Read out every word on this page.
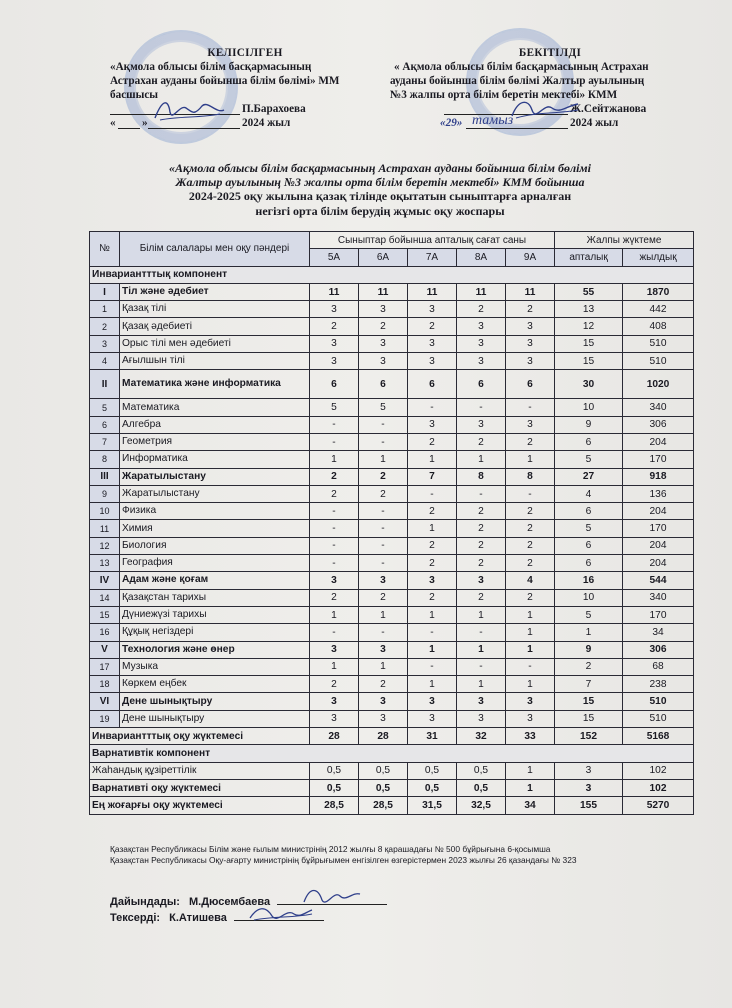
КЕЛІСІЛГЕН
«Ақмола облысы білім басқармасының
Астрахан ауданы бойынша білім бөлімі» ММ
басшысы
П.Барахоева
« »	2024 жыл
БЕКІТІЛДІ
« Ақмола облысы білім басқармасының Астрахан
ауданы бойынша білім бөлімі Жалтыр ауылының
№3 жалпы орта білім беретін мектебі» КММ
Ж.Сейтжанова
«29» тамыз	2024 жыл
«Ақмола облысы білім басқармасының Астрахан ауданы бойынша білім бөлімі
Жалтыр ауылының №3 жалпы орта білім беретін мектебі» КММ бойынша
2024-2025 оқу жылына қазақ тілінде оқытатын сыныптарға арналған
негізгі орта білім берудің жұмыс оқу жоспары
№	Білім салалары мен оқу пәндері	Сыныптар бойынша апталық сағат саны					Жалпы жүктеме	
		5А	6А	7А	8А	9А	апталық	жылдық
Инвариантттық компонент								
I	Тіл және әдебиет	11	11	11	11	11	55	1870
1	Қазақ тілі	3	3	3	2	2	13	442
2	Қазақ әдебиеті	2	2	2	3	3	12	408
3	Орыс тілі мен әдебиеті	3	3	3	3	3	15	510
4	Ағылшын тілі	3	3	3	3	3	15	510
II	Математика және информатика	6	6	6	6	6	30	1020
5	Математика	5	5	-	-	-	10	340
6	Алгебра	-	-	3	3	3	9	306
7	Геометрия	-	-	2	2	2	6	204
8	Информатика	1	1	1	1	1	5	170
III	Жаратылыстану	2	2	7	8	8	27	918
9	Жаратылыстану	2	2	-	-	-	4	136
10	Физика	-	-	2	2	2	6	204
11	Химия	-	-	1	2	2	5	170
12	Биология	-	-	2	2	2	6	204
13	География	-	-	2	2	2	6	204
IV	Адам және қоғам	3	3	3	3	4	16	544
14	Қазақстан тарихы	2	2	2	2	2	10	340
15	Дүниежүзі тарихы	1	1	1	1	1	5	170
16	Құқық негіздері	-	-	-	-	1	1	34
V	Технология және өнер	3	3	1	1	1	9	306
17	Музыка	1	1	-	-	-	2	68
18	Көркем еңбек	2	2	1	1	1	7	238
VI	Дене шынықтыру	3	3	3	3	3	15	510
19	Дене шынықтыру	3	3	3	3	3	15	510
Инвариантттық оқу жүктемесі		28	28	31	32	33	152	5168
Варнативтік компонент								
Жаһандық құзіреттілік		0,5	0,5	0,5	0,5	1	3	102
Варнативті оқу жүктемесі		0,5	0,5	0,5	0,5	1	3	102
Ең жоғарғы оқу жүктемесі		28,5	28,5	31,5	32,5	34	155	5270
Қазақстан Республикасы Білім және ғылым министрінің 2012 жылғы 8 қарашадағы № 500 бұйрығына 6-қосымша
Қазақстан Республикасы Оқу-ағарту министрінің бұйрығымен енгізілген өзгерістермен 2023 жылғы 26 қазандағы № 323
Дайындады: М.Дюсембаева
Тексерді: К.Атишева
